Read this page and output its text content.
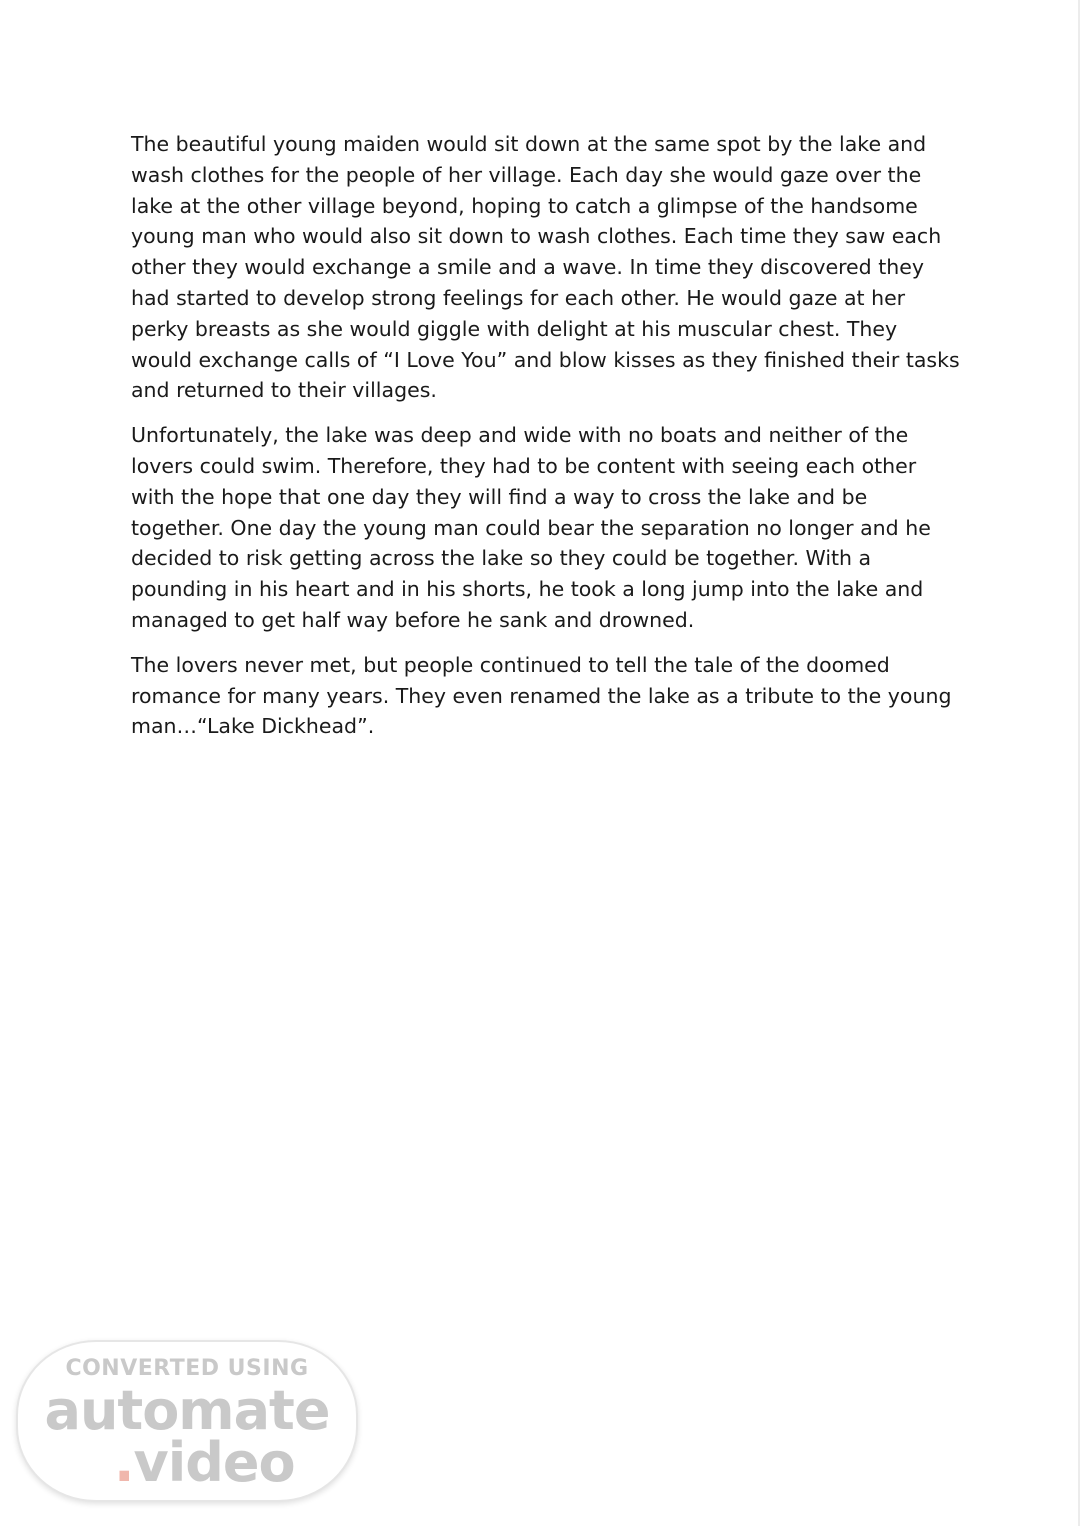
The beautiful young maiden would sit down at the same spot by the lake and wash clothes for the people of her village. Each day she would gaze over the lake at the other village beyond, hoping to catch a glimpse of the handsome young man who would also sit down to wash clothes. Each time they saw each other they would exchange a smile and a wave. In time they discovered they had started to develop strong feelings for each other. He would gaze at her perky breasts as she would giggle with delight at his muscular chest. They would exchange calls of “I Love You” and blow kisses as they finished their tasks and returned to their villages.

Unfortunately, the lake was deep and wide with no boats and neither of the lovers could swim. Therefore, they had to be content with seeing each other with the hope that one day they will find a way to cross the lake and be together. One day the young man could bear the separation no longer and he decided to risk getting across the lake so they could be together. With a pounding in his heart and in his shorts, he took a long jump into the lake and managed to get half way before he sank and drowned.

The lovers never met, but people continued to tell the tale of the doomed romance for many years. They even renamed the lake as a tribute to the young man…“Lake Dickhead”.

CONVERTED USING
automate
.video
